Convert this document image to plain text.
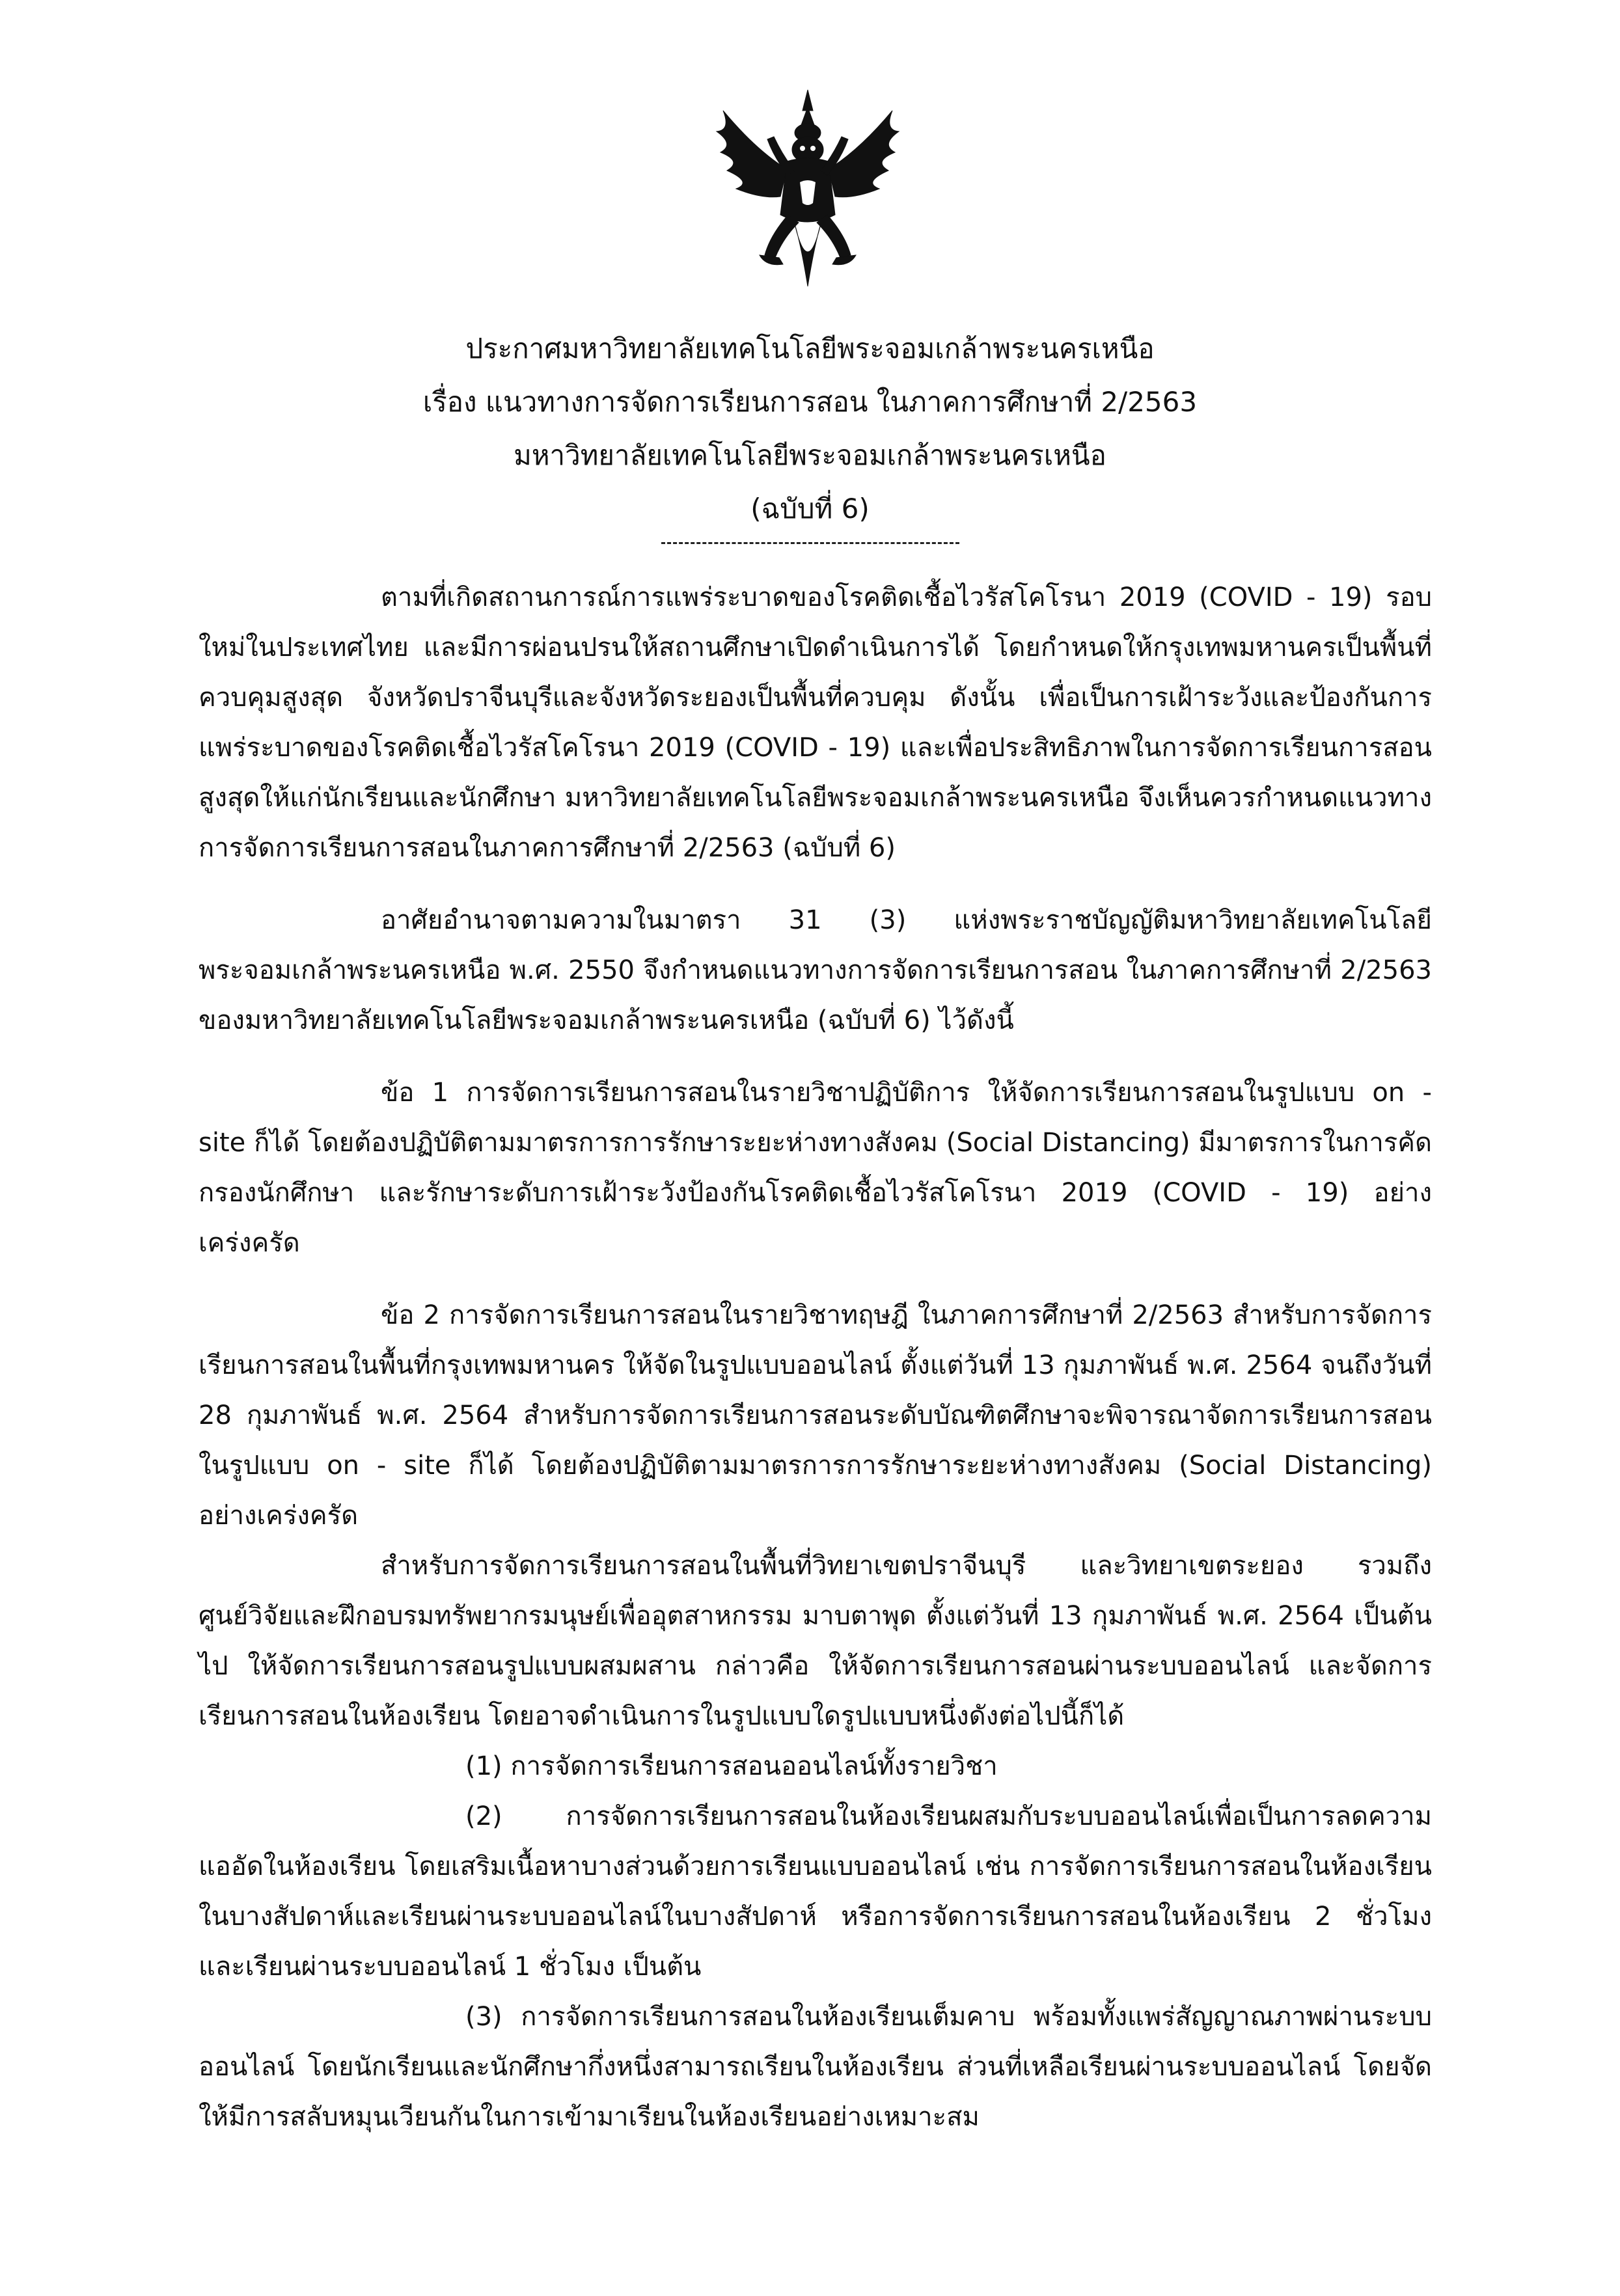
ประกาศมหาวิทยาลัยเทคโนโลยีพระจอมเกล้าพระนครเหนือ
เรื่อง แนวทางการจัดการเรียนการสอน ในภาคการศึกษาที่ 2/2563
มหาวิทยาลัยเทคโนโลยีพระจอมเกล้าพระนครเหนือ
(ฉบับที่ 6)

ตามที่เกิดสถานการณ์การแพร่ระบาดของโรคติดเชื้อไวรัสโคโรนา 2019 (COVID - 19) รอบใหม่ในประเทศไทย และมีการผ่อนปรนให้สถานศึกษาเปิดดำเนินการได้ โดยกำหนดให้กรุงเทพมหานครเป็นพื้นที่ควบคุมสูงสุด จังหวัดปราจีนบุรีและจังหวัดระยองเป็นพื้นที่ควบคุม ดังนั้น เพื่อเป็นการเฝ้าระวังและป้องกันการแพร่ระบาดของโรคติดเชื้อไวรัสโคโรนา 2019 (COVID - 19) และเพื่อประสิทธิภาพในการจัดการเรียนการสอนสูงสุดให้แก่นักเรียนและนักศึกษา มหาวิทยาลัยเทคโนโลยีพระจอมเกล้าพระนครเหนือ จึงเห็นควรกำหนดแนวทางการจัดการเรียนการสอนในภาคการศึกษาที่ 2/2563 (ฉบับที่ 6)

อาศัยอำนาจตามความในมาตรา 31 (3) แห่งพระราชบัญญัติมหาวิทยาลัยเทคโนโลยีพระจอมเกล้าพระนครเหนือ พ.ศ. 2550 จึงกำหนดแนวทางการจัดการเรียนการสอน ในภาคการศึกษาที่ 2/2563 ของมหาวิทยาลัยเทคโนโลยีพระจอมเกล้าพระนครเหนือ (ฉบับที่ 6) ไว้ดังนี้

ข้อ 1 การจัดการเรียนการสอนในรายวิชาปฏิบัติการ ให้จัดการเรียนการสอนในรูปแบบ on - site ก็ได้ โดยต้องปฏิบัติตามมาตรการการรักษาระยะห่างทางสังคม (Social Distancing) มีมาตรการในการคัดกรองนักศึกษา และรักษาระดับการเฝ้าระวังป้องกันโรคติดเชื้อไวรัสโคโรนา 2019 (COVID - 19) อย่างเคร่งครัด

ข้อ 2 การจัดการเรียนการสอนในรายวิชาทฤษฎี ในภาคการศึกษาที่ 2/2563 สำหรับการจัดการเรียนการสอนในพื้นที่กรุงเทพมหานคร ให้จัดในรูปแบบออนไลน์ ตั้งแต่วันที่ 13 กุมภาพันธ์ พ.ศ. 2564 จนถึงวันที่ 28 กุมภาพันธ์ พ.ศ. 2564 สำหรับการจัดการเรียนการสอนระดับบัณฑิตศึกษาจะพิจารณาจัดการเรียนการสอนในรูปแบบ on - site ก็ได้ โดยต้องปฏิบัติตามมาตรการการรักษาระยะห่างทางสังคม (Social Distancing) อย่างเคร่งครัด

สำหรับการจัดการเรียนการสอนในพื้นที่วิทยาเขตปราจีนบุรี และวิทยาเขตระยอง รวมถึงศูนย์วิจัยและฝึกอบรมทรัพยากรมนุษย์เพื่ออุตสาหกรรม มาบตาพุด ตั้งแต่วันที่ 13 กุมภาพันธ์ พ.ศ. 2564 เป็นต้นไป ให้จัดการเรียนการสอนรูปแบบผสมผสาน กล่าวคือ ให้จัดการเรียนการสอนผ่านระบบออนไลน์ และจัดการเรียนการสอนในห้องเรียน โดยอาจดำเนินการในรูปแบบใดรูปแบบหนึ่งดังต่อไปนี้ก็ได้

(1) การจัดการเรียนการสอนออนไลน์ทั้งรายวิชา

(2) การจัดการเรียนการสอนในห้องเรียนผสมกับระบบออนไลน์เพื่อเป็นการลดความแออัดในห้องเรียน โดยเสริมเนื้อหาบางส่วนด้วยการเรียนแบบออนไลน์ เช่น การจัดการเรียนการสอนในห้องเรียนในบางสัปดาห์และเรียนผ่านระบบออนไลน์ในบางสัปดาห์ หรือการจัดการเรียนการสอนในห้องเรียน 2 ชั่วโมง และเรียนผ่านระบบออนไลน์ 1 ชั่วโมง เป็นต้น

(3) การจัดการเรียนการสอนในห้องเรียนเต็มคาบ พร้อมทั้งแพร่สัญญาณภาพผ่านระบบออนไลน์ โดยนักเรียนและนักศึกษากึ่งหนึ่งสามารถเรียนในห้องเรียน ส่วนที่เหลือเรียนผ่านระบบออนไลน์ โดยจัดให้มีการสลับหมุนเวียนกันในการเข้ามาเรียนในห้องเรียนอย่างเหมาะสม
